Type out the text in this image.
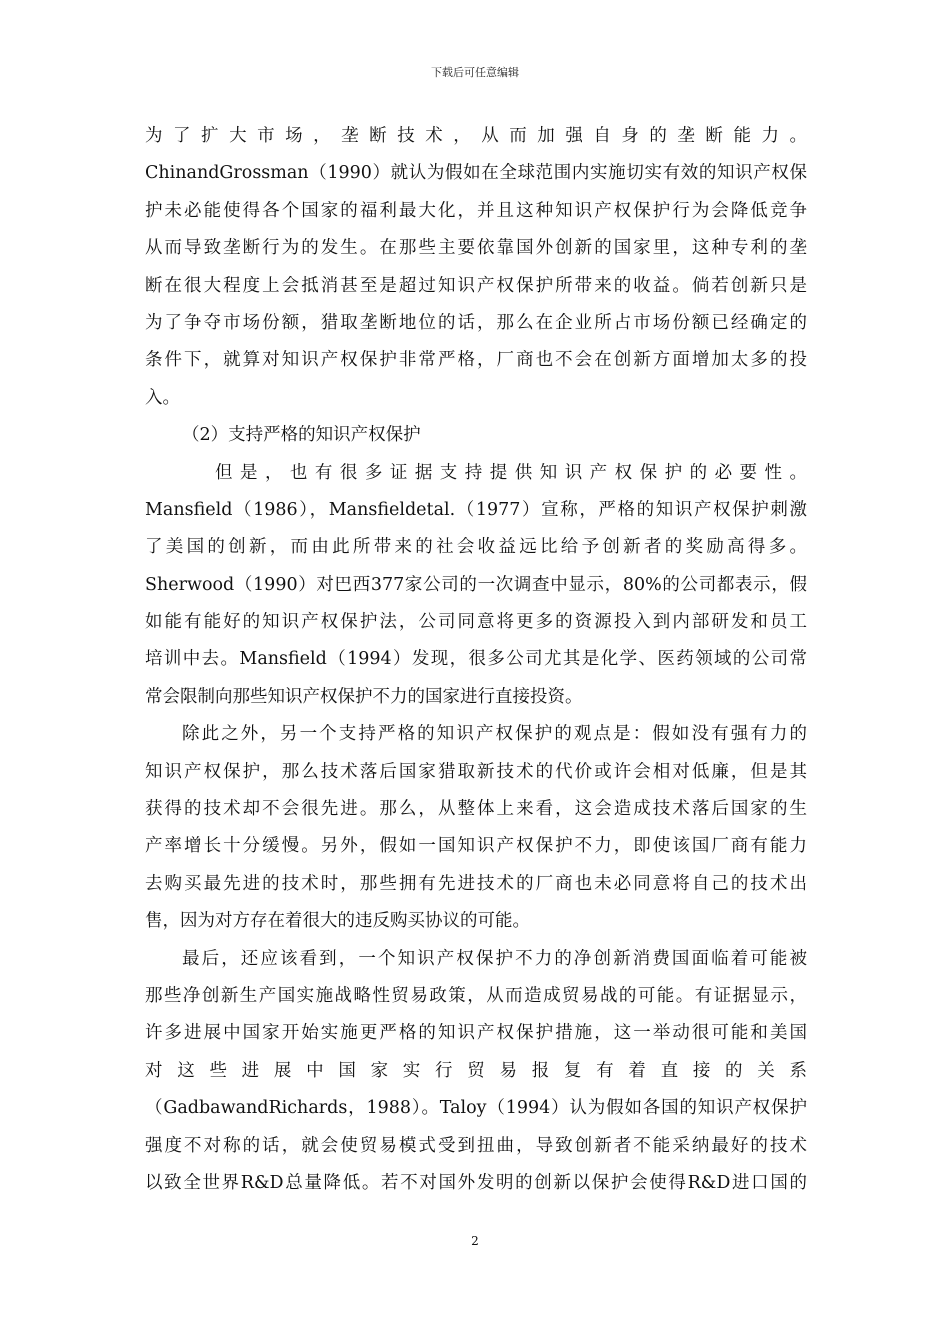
下载后可任意编辑
为了扩大市场，垄断技术，从而加强自身的垄断能力。
ChinandGrossman（1990）就认为假如在全球范围内实施切实有效的知识产权保
护未必能使得各个国家的福利最大化，并且这种知识产权保护行为会降低竞争
从而导致垄断行为的发生。在那些主要依靠国外创新的国家里，这种专利的垄
断在很大程度上会抵消甚至是超过知识产权保护所带来的收益。倘若创新只是
为了争夺市场份额，猎取垄断地位的话，那么在企业所占市场份额已经确定的
条件下，就算对知识产权保护非常严格，厂商也不会在创新方面增加太多的投
入。
（2）支持严格的知识产权保护
但是，也有很多证据支持提供知识产权保护的必要性。
Mansfield（1986），Mansfieldetal.（1977）宣称，严格的知识产权保护刺激
了美国的创新，而由此所带来的社会收益远比给予创新者的奖励高得多。
Sherwood（1990）对巴西377家公司的一次调查中显示，80%的公司都表示，假
如能有能好的知识产权保护法，公司同意将更多的资源投入到内部研发和员工
培训中去。Mansfield（1994）发现，很多公司尤其是化学、医药领域的公司常
常会限制向那些知识产权保护不力的国家进行直接投资。
除此之外，另一个支持严格的知识产权保护的观点是：假如没有强有力的
知识产权保护，那么技术落后国家猎取新技术的代价或许会相对低廉，但是其
获得的技术却不会很先进。那么，从整体上来看，这会造成技术落后国家的生
产率增长十分缓慢。另外，假如一国知识产权保护不力，即使该国厂商有能力
去购买最先进的技术时，那些拥有先进技术的厂商也未必同意将自己的技术出
售，因为对方存在着很大的违反购买协议的可能。
最后，还应该看到，一个知识产权保护不力的净创新消费国面临着可能被
那些净创新生产国实施战略性贸易政策，从而造成贸易战的可能。有证据显示，
许多进展中国家开始实施更严格的知识产权保护措施，这一举动很可能和美国
对这些进展中国家实行贸易报复有着直接的关系
（GadbawandRichards，1988）。Taloy（1994）认为假如各国的知识产权保护
强度不对称的话，就会使贸易模式受到扭曲，导致创新者不能采纳最好的技术
以致全世界R&D总量降低。若不对国外发明的创新以保护会使得R&D进口国的
2
